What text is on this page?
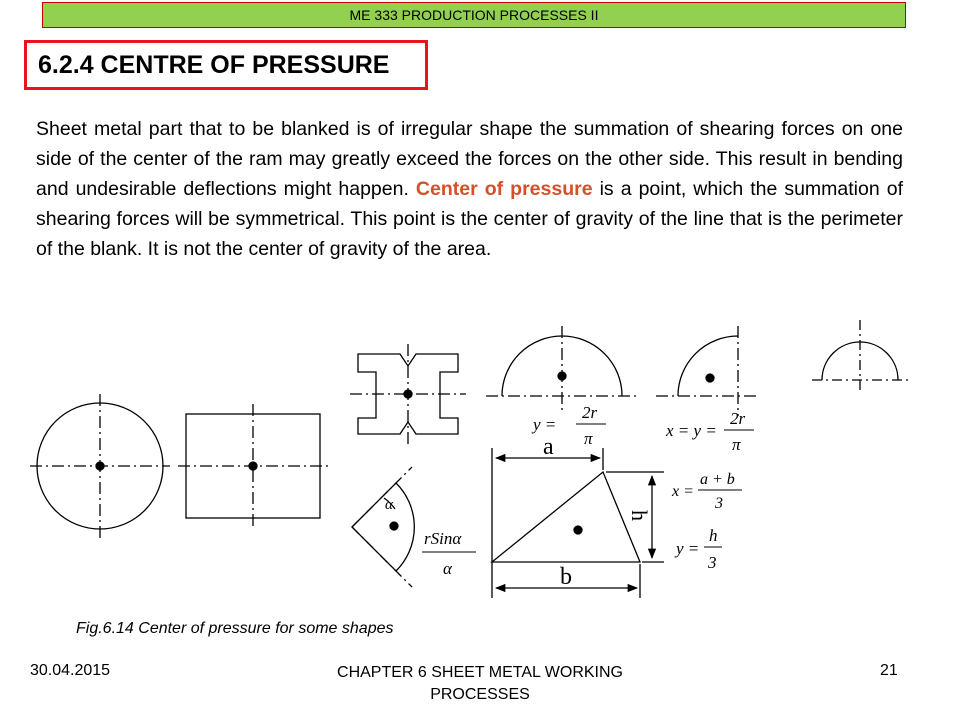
ME 333 PRODUCTION PROCESSES II
6.2.4 CENTRE OF PRESSURE

Sheet metal part that to be blanked is of irregular shape the summation of shearing forces on one side of the center of the ram may greatly exceed the forces on the other side. This result in bending and undesirable deflections might happen. Center of pressure is a point, which the summation of shearing forces will be symmetrical. This point is the center of gravity of the line that is the perimeter of the blank. It is not the center of gravity of the area.

α
a
b
h
y =
2r
π	x = y =
2r
π
rSinα
α
x =
a + b
3
y =
h
3
Fig.6.14 Center of pressure for some shapes
30.04.2015	CHAPTER 6 SHEET METAL WORKING PROCESSES
21
